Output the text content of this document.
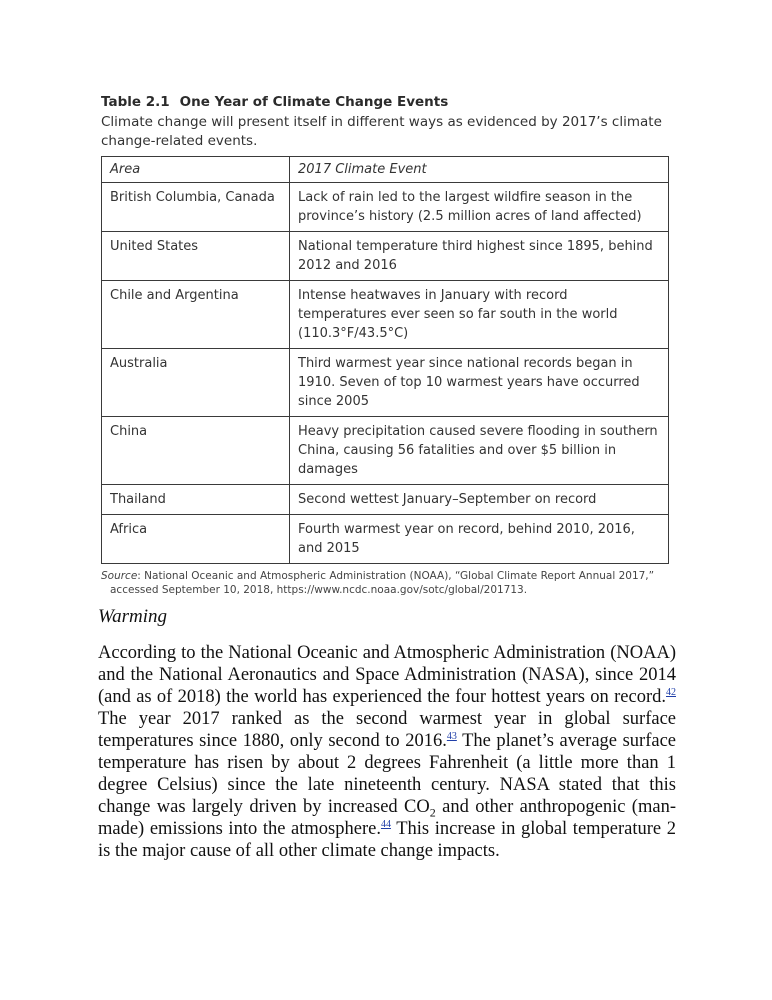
Table 2.1 One Year of Climate Change Events
Climate change will present itself in different ways as evidenced by 2017’s climate change-related events.
Area	2017 Climate Event
British Columbia, Canada	Lack of rain led to the largest wildfire season in the province’s history (2.5 million acres of land affected)
United States	National temperature third highest since 1895, behind 2012 and 2016
Chile and Argentina	Intense heatwaves in January with record temperatures ever seen so far south in the world (110.3°F/43.5°C)
Australia	Third warmest year since national records began in 1910. Seven of top 10 warmest years have occurred since 2005
China	Heavy precipitation caused severe flooding in southern China, causing 56 fatalities and over $5 billion in damages
Thailand	Second wettest January–September on record
Africa	Fourth warmest year on record, behind 2010, 2016, and 2015
Source: National Oceanic and Atmospheric Administration (NOAA), “Global Climate Report Annual 2017,” accessed September 10, 2018, https://www.ncdc.noaa.gov/sotc/global/201713.
Warming

According to the National Oceanic and Atmospheric Administration (NOAA) and the National Aeronautics and Space Administration (NASA), since 2014 (and as of 2018) the world has experienced the four hottest years on record.$^{42}$ The year 2017 ranked as the second warmest year in global surface temperatures since 1880, only second to 2016.43 The planet’s average surface temperature has risen by about 2 degrees Fahrenheit (a little more than 1 degree Celsius) since the late nineteenth century. NASA stated that this change was largely driven by increased $CO_2$ and other anthropogenic (man-made) emissions into the atmosphere.$^{44}$ This increase in global temperature 2 is the major cause of all other climate change impacts.
